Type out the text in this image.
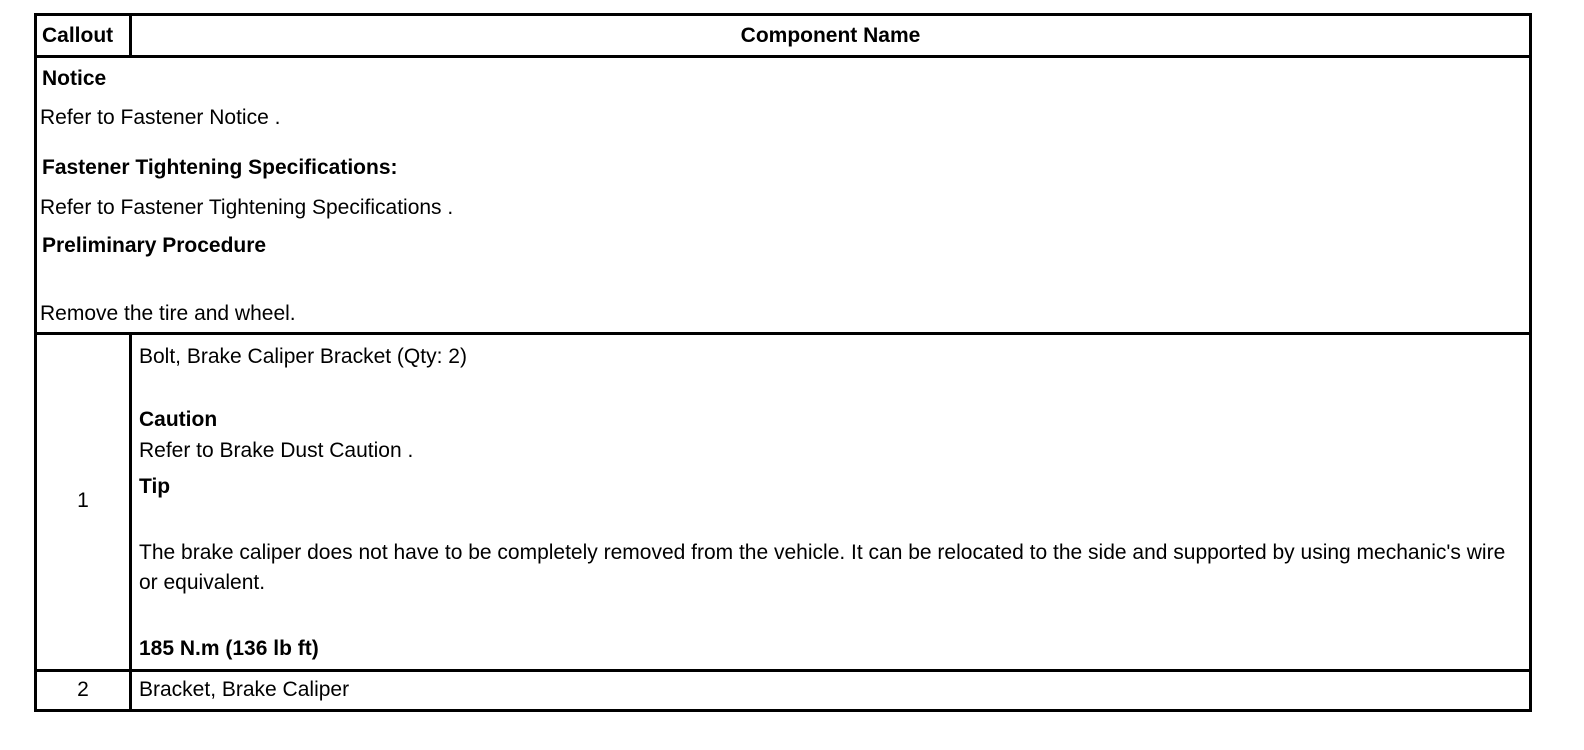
Callout	Component Name
Notice
Refer to Fastener Notice .
Fastener Tightening Specifications:
Refer to Fastener Tightening Specifications .
Preliminary Procedure
Remove the tire and wheel.
1
Bolt, Brake Caliper Bracket (Qty: 2)
Caution
Refer to Brake Dust Caution .
Tip
The brake caliper does not have to be completely removed from the vehicle. It can be relocated to the side and supported by using mechanic's wire or equivalent.
185 N.m (136 lb ft)
2	Bracket, Brake Caliper
